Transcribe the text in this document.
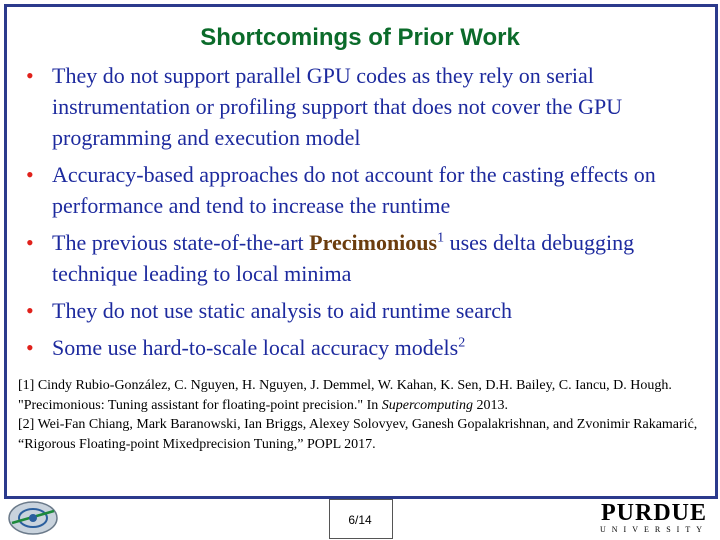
Shortcomings of Prior Work
• They do not support parallel GPU codes as they rely on serial instrumentation or profiling support that does not cover the GPU programming and execution model
• Accuracy-based approaches do not account for the casting effects on performance and tend to increase the runtime
• The previous state-of-the-art Precimonious$^1$ uses delta debugging technique leading to local minima
• They do not use static analysis to aid runtime search
• Some use hard-to-scale local accuracy models$^2$

[1] Cindy Rubio-González, C. Nguyen, H. Nguyen, J. Demmel, W. Kahan, K. Sen, D.H. Bailey, C. Iancu, D. Hough. "Precimonious: Tuning assistant for floating-point precision." In Supercomputing 2013.

[2] Wei-Fan Chiang, Mark Baranowski, Ian Briggs, Alexey Solovyev, Ganesh Gopalakrishnan, and Zvonimir Rakamarić, “Rigorous Floating-point Mixedprecision Tuning,” POPL 2017.

6/14	PURDUE
UNIVERSITY
